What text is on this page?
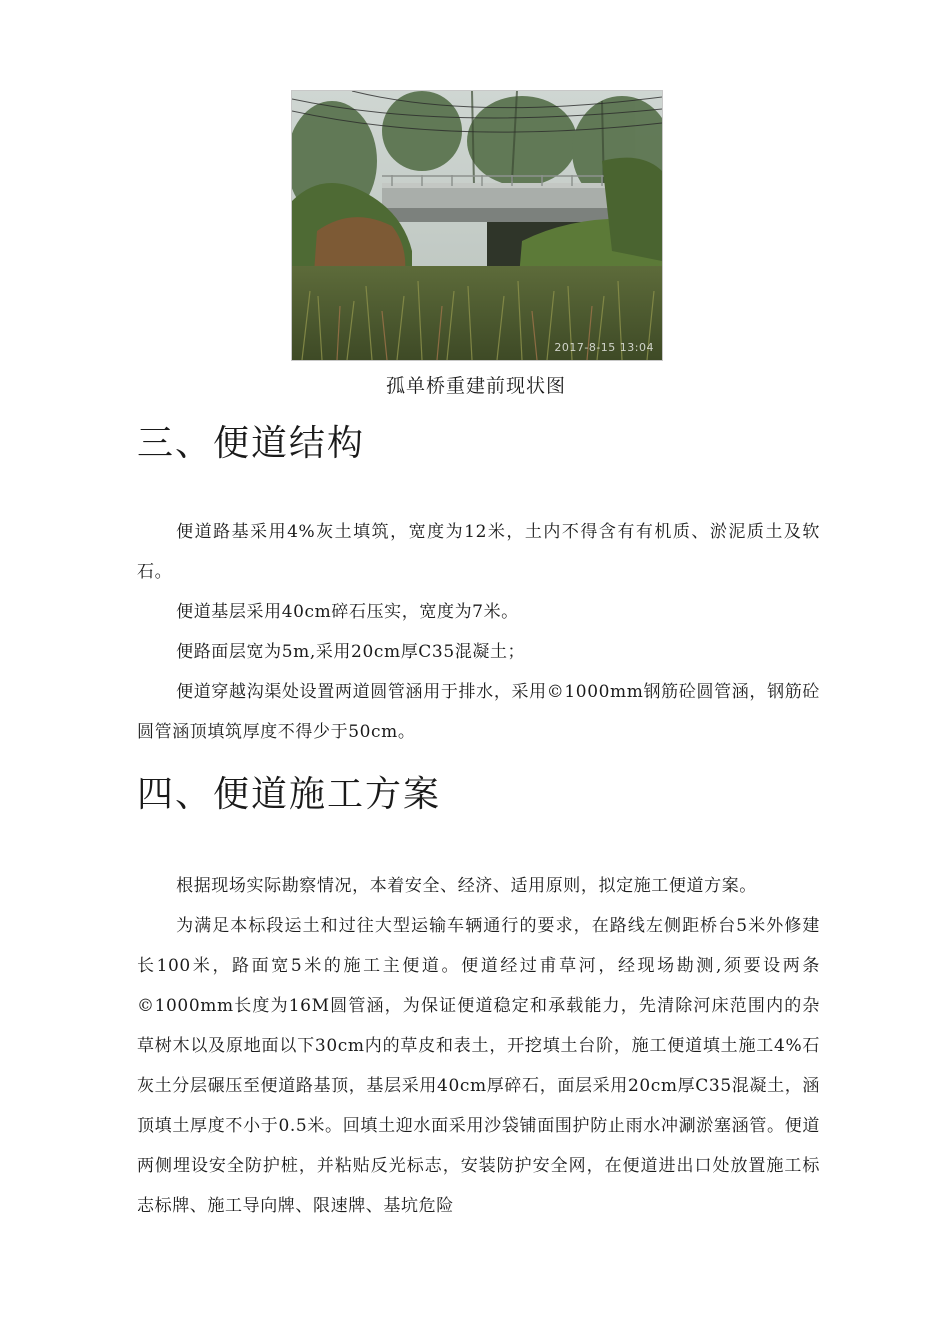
2017-8-15 13:04
孤单桥重建前现状图
三、便道结构

便道路基采用4%灰土填筑，宽度为12米，土内不得含有有机质、淤泥质土及软石。

便道基层采用40cm碎石压实，宽度为7米。

便路面层宽为5m,采用20cm厚C35混凝土；

便道穿越沟渠处设置两道圆管涵用于排水，采用©1000mm钢筋砼圆管涵，钢筋砼圆管涵顶填筑厚度不得少于50cm。

四、便道施工方案

根据现场实际勘察情况，本着安全、经济、适用原则，拟定施工便道方案。

为满足本标段运土和过往大型运输车辆通行的要求，在路线左侧距桥台5米外修建长100米，路面宽5米的施工主便道。便道经过甫草河，经现场勘测,须要设两条©1000mm长度为16M圆管涵，为保证便道稳定和承载能力，先清除河床范围内的杂草树木以及原地面以下30cm内的草皮和表土，开挖填土台阶，施工便道填土施工4%石灰土分层碾压至便道路基顶，基层采用40cm厚碎石，面层采用20cm厚C35混凝土，涵顶填土厚度不小于0.5米。回填土迎水面采用沙袋铺面围护防止雨水冲涮淤塞涵管。便道两侧埋设安全防护桩，并粘贴反光标志，安装防护安全网，在便道进出口处放置施工标志标牌、施工导向牌、限速牌、基坑危险
